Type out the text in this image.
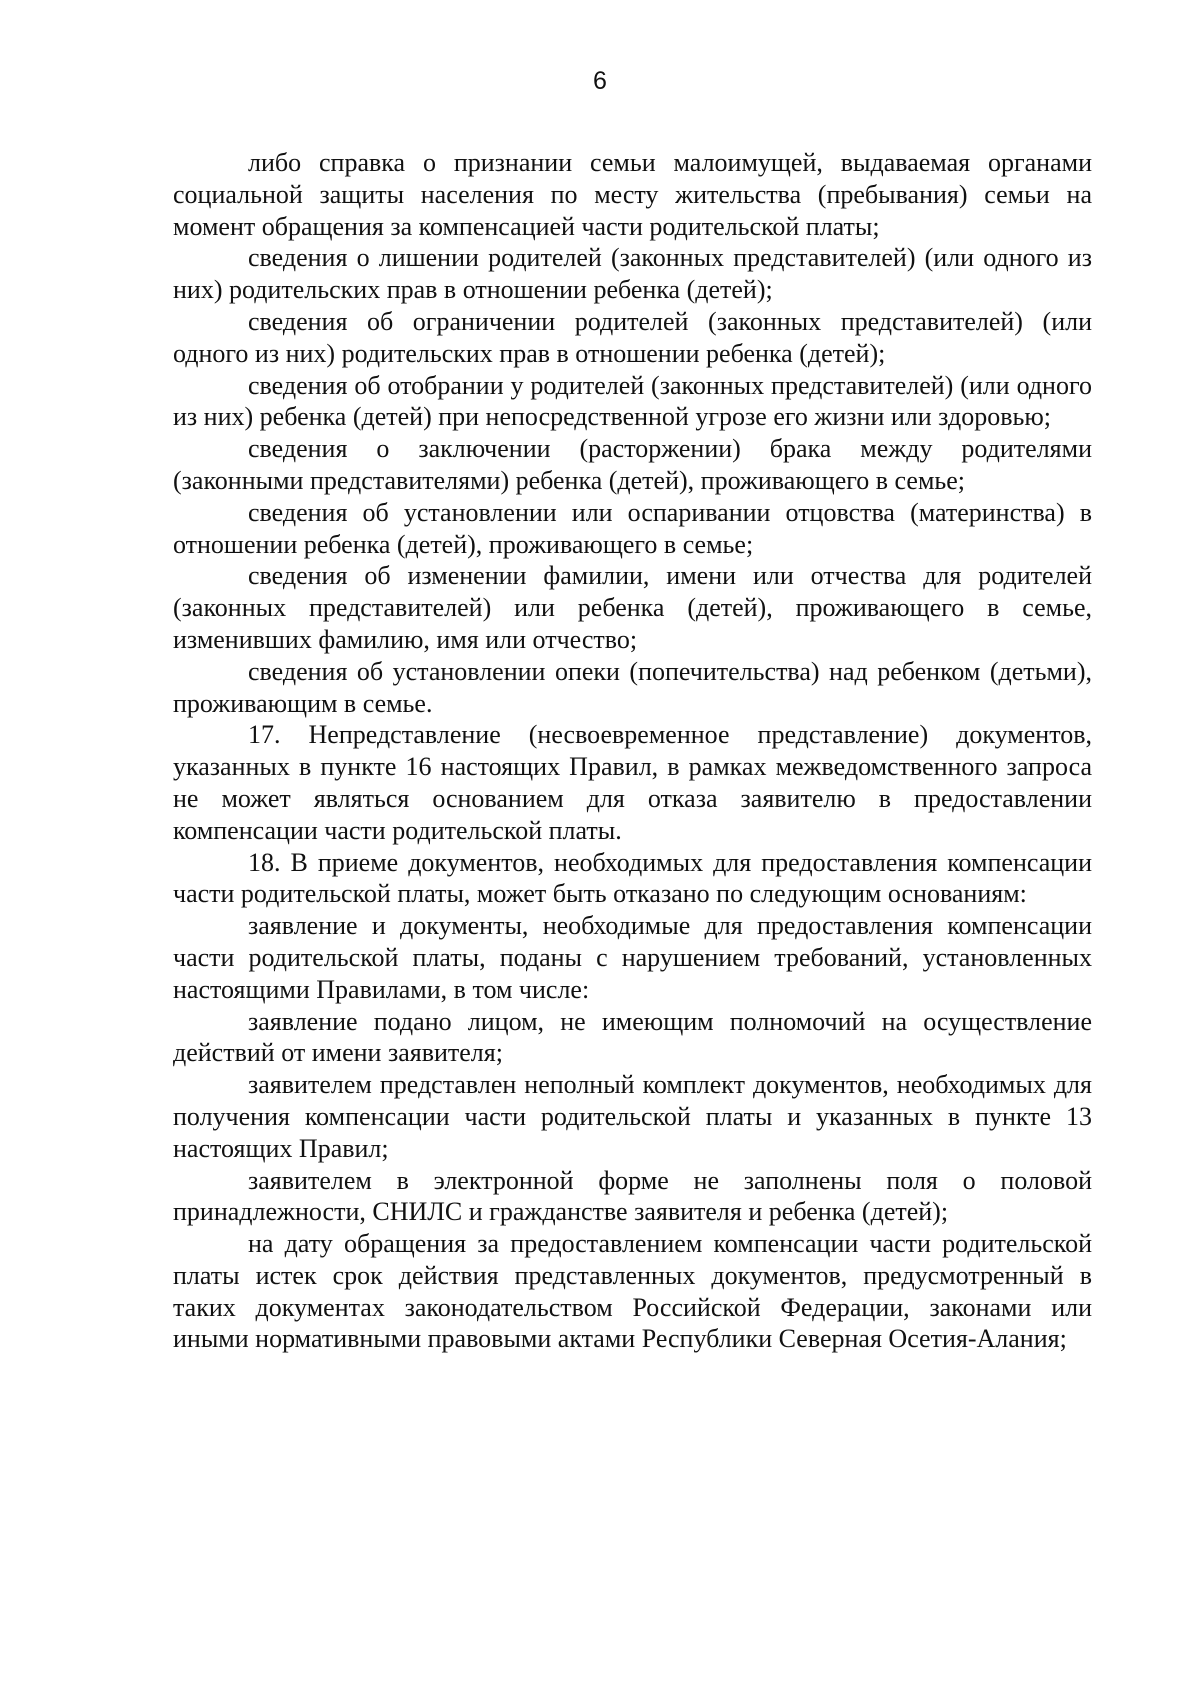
6

либо справка о признании семьи малоимущей, выдаваемая органами социальной защиты населения по месту жительства (пребывания) семьи на момент обращения за компенсацией части родительской платы;

сведения о лишении родителей (законных представителей) (или одного из них) родительских прав в отношении ребенка (детей);

сведения об ограничении родителей (законных представителей) (или одного из них) родительских прав в отношении ребенка (детей);

сведения об отобрании у родителей (законных представителей) (или одного из них) ребенка (детей) при непосредственной угрозе его жизни или здоровью;

сведения о заключении (расторжении) брака между родителями (законными представителями) ребенка (детей), проживающего в семье;

сведения об установлении или оспаривании отцовства (материнства) в отношении ребенка (детей), проживающего в семье;

сведения об изменении фамилии, имени или отчества для родителей (законных представителей) или ребенка (детей), проживающего в семье, изменивших фамилию, имя или отчество;

сведения об установлении опеки (попечительства) над ребенком (детьми), проживающим в семье.

17. Непредставление (несвоевременное представление) документов, указанных в пункте 16 настоящих Правил, в рамках межведомственного запроса не может являться основанием для отказа заявителю в предоставлении компенсации части родительской платы.

18. В приеме документов, необходимых для предоставления компенсации части родительской платы, может быть отказано по следующим основаниям:

заявление и документы, необходимые для предоставления компенсации части родительской платы, поданы с нарушением требований, установленных настоящими Правилами, в том числе:

заявление подано лицом, не имеющим полномочий на осуществление действий от имени заявителя;

заявителем представлен неполный комплект документов, необходимых для получения компенсации части родительской платы и указанных в пункте 13 настоящих Правил;

заявителем в электронной форме не заполнены поля о половой принадлежности, СНИЛС и гражданстве заявителя и ребенка (детей);

на дату обращения за предоставлением компенсации части родительской платы истек срок действия представленных документов, предусмотренный в таких документах законодательством Российской Федерации, законами или иными нормативными правовыми актами Республики Северная Осетия-Алания;
